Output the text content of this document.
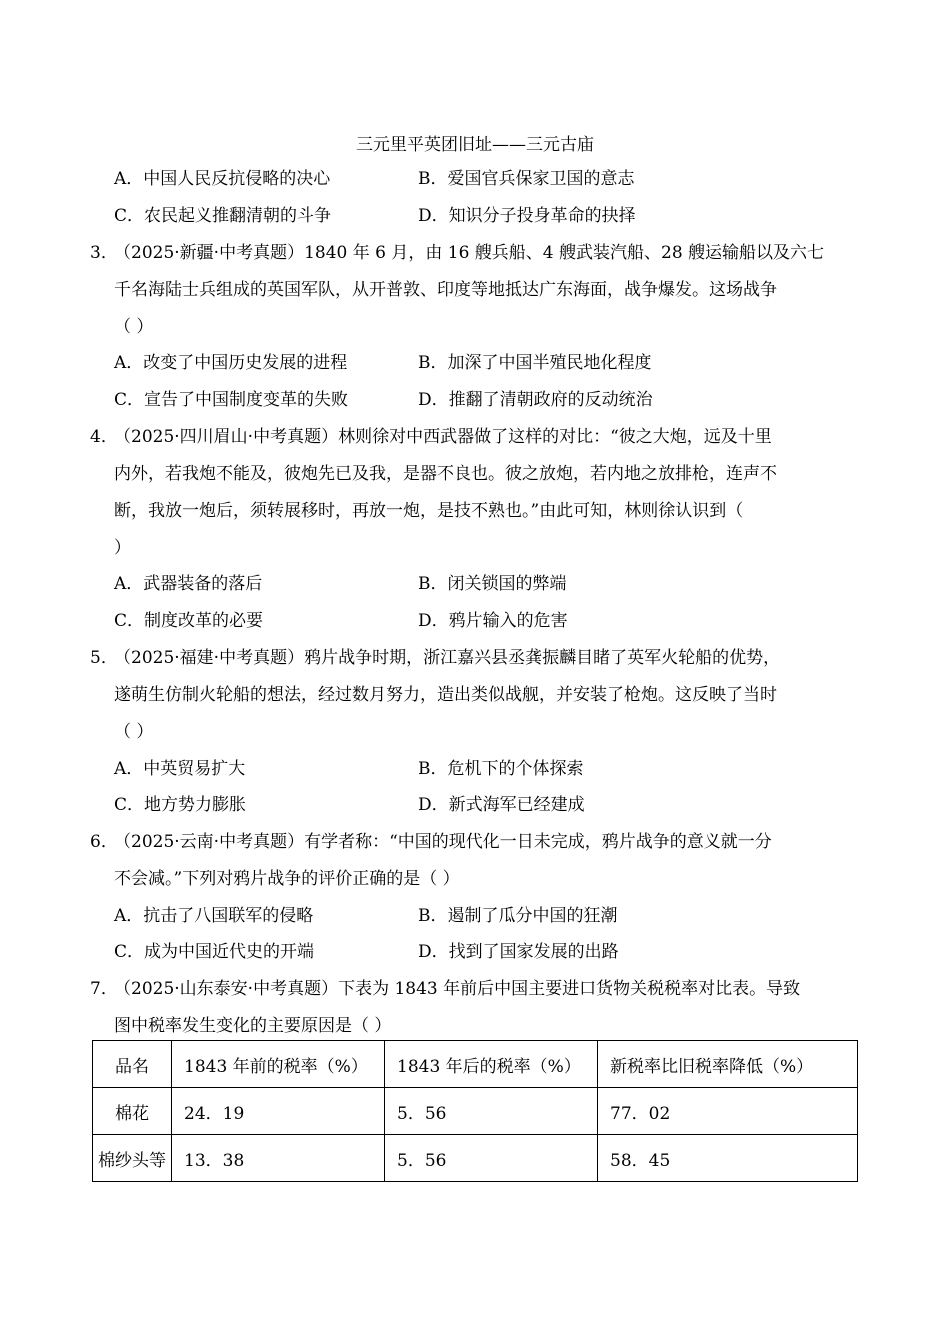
三元里平英团旧址——三元古庙
A．中国人民反抗侵略的决心	B．爱国官兵保家卫国的意志
C．农民起义推翻清朝的斗争	D．知识分子投身革命的抉择
3．
（2025·新疆·中考真题）1840 年 6 月，由 16 艘兵船、4 艘武装汽船、28 艘运输船以及六七
千名海陆士兵组成的英国军队，从开普敦、印度等地抵达广东海面，战争爆发。这场战争
（ ）
A．改变了中国历史发展的进程	B．加深了中国半殖民地化程度
C．宣告了中国制度变革的失败	D．推翻了清朝政府的反动统治
4．
（2025·四川眉山·中考真题）林则徐对中西武器做了这样的对比：“彼之大炮，远及十里
内外，若我炮不能及，彼炮先已及我，是器不良也。彼之放炮，若内地之放排枪，连声不
断，我放一炮后，须转展移时，再放一炮，是技不熟也。”由此可知，林则徐认识到（
）
A．武器装备的落后	B．闭关锁国的弊端
C．制度改革的必要	D．鸦片输入的危害
5．
（2025·福建·中考真题）鸦片战争时期，浙江嘉兴县丞龚振麟目睹了英军火轮船的优势，
遂萌生仿制火轮船的想法，经过数月努力，造出类似战舰，并安装了枪炮。这反映了当时
（ ）
A．中英贸易扩大	B．危机下的个体探索
C．地方势力膨胀	D．新式海军已经建成
6．
（2025·云南·中考真题）有学者称：“中国的现代化一日未完成，鸦片战争的意义就一分
不会减。”下列对鸦片战争的评价正确的是（ ）
A．抗击了八国联军的侵略	B．遏制了瓜分中国的狂潮
C．成为中国近代史的开端	D．找到了国家发展的出路
7．
（2025·山东泰安·中考真题）下表为 1843 年前后中国主要进口货物关税税率对比表。导致
图中税率发生变化的主要原因是（ ）
品名	1843 年前的税率（%）	1843 年后的税率（%）	新税率比旧税率降低（%）
棉花	24．19	5．56	77．02
棉纱头等	13．38	5．56	58．45
